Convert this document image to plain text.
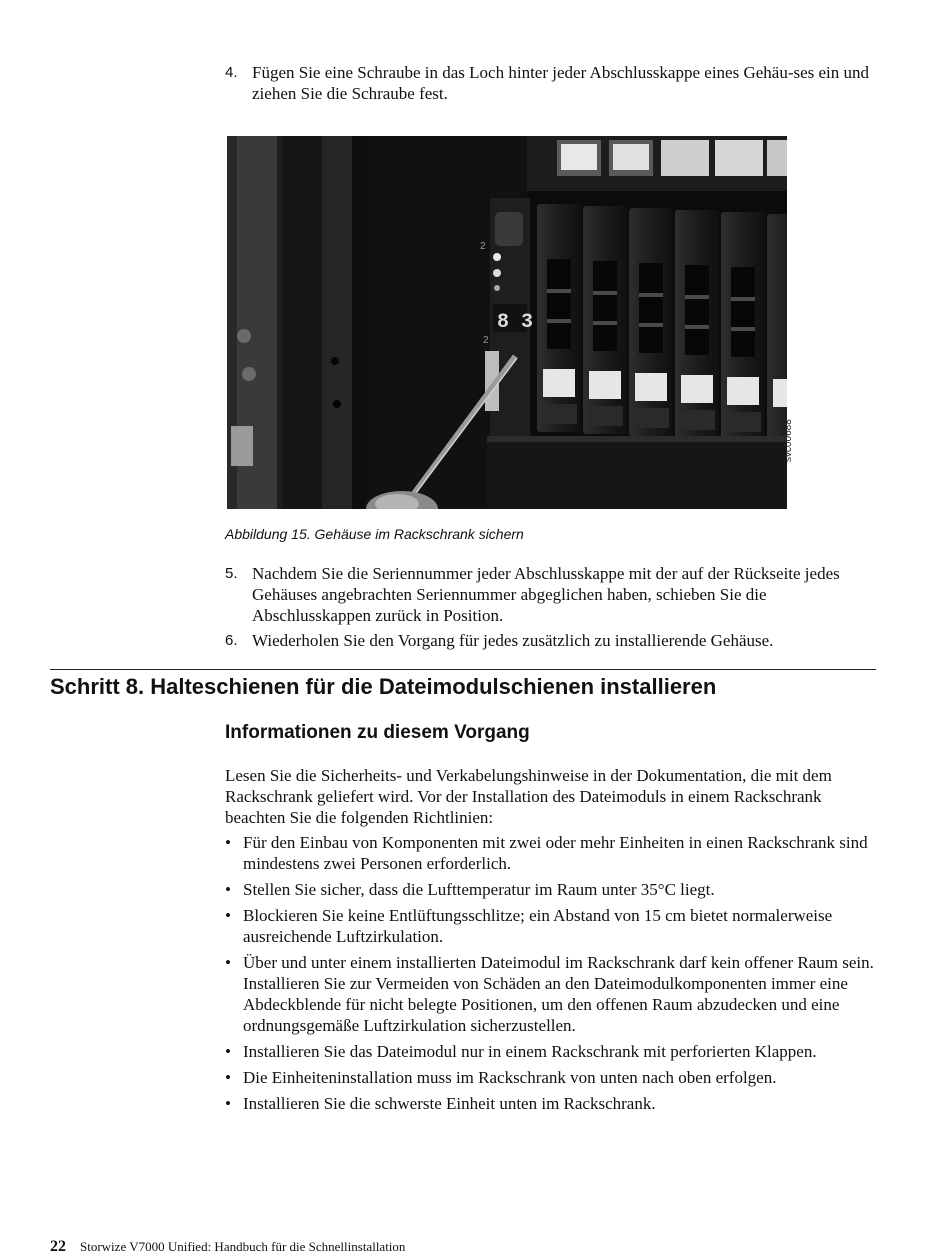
4. Fügen Sie eine Schraube in das Loch hinter jeder Abschlusskappe eines Gehäu-ses ein und ziehen Sie die Schraube fest.
8 3
2
2
svc00688
Abbildung 15. Gehäuse im Rackschrank sichern
5. Nachdem Sie die Seriennummer jeder Abschlusskappe mit der auf der Rückseite jedes Gehäuses angebrachten Seriennummer abgeglichen haben, schieben Sie die Abschlusskappen zurück in Position.
6. Wiederholen Sie den Vorgang für jedes zusätzlich zu installierende Gehäuse.
Schritt 8. Halteschienen für die Dateimodulschienen installieren
Informationen zu diesem Vorgang
Lesen Sie die Sicherheits- und Verkabelungshinweise in der Dokumentation, die mit dem Rackschrank geliefert wird. Vor der Installation des Dateimoduls in einem Rackschrank beachten Sie die folgenden Richtlinien:
• Für den Einbau von Komponenten mit zwei oder mehr Einheiten in einen Rackschrank sind mindestens zwei Personen erforderlich.
• Stellen Sie sicher, dass die Lufttemperatur im Raum unter 35°C liegt.
• Blockieren Sie keine Entlüftungsschlitze; ein Abstand von 15 cm bietet normalerweise ausreichende Luftzirkulation.
• Über und unter einem installierten Dateimodul im Rackschrank darf kein offener Raum sein. Installieren Sie zur Vermeiden von Schäden an den Dateimodulkomponenten immer eine Abdeckblende für nicht belegte Positionen, um den offenen Raum abzudecken und eine ordnungsgemäße Luftzirkulation sicherzustellen.
• Installieren Sie das Dateimodul nur in einem Rackschrank mit perforierten Klappen.
• Die Einheiteninstallation muss im Rackschrank von unten nach oben erfolgen.
• Installieren Sie die schwerste Einheit unten im Rackschrank.
22 Storwize V7000 Unified: Handbuch für die Schnellinstallation
